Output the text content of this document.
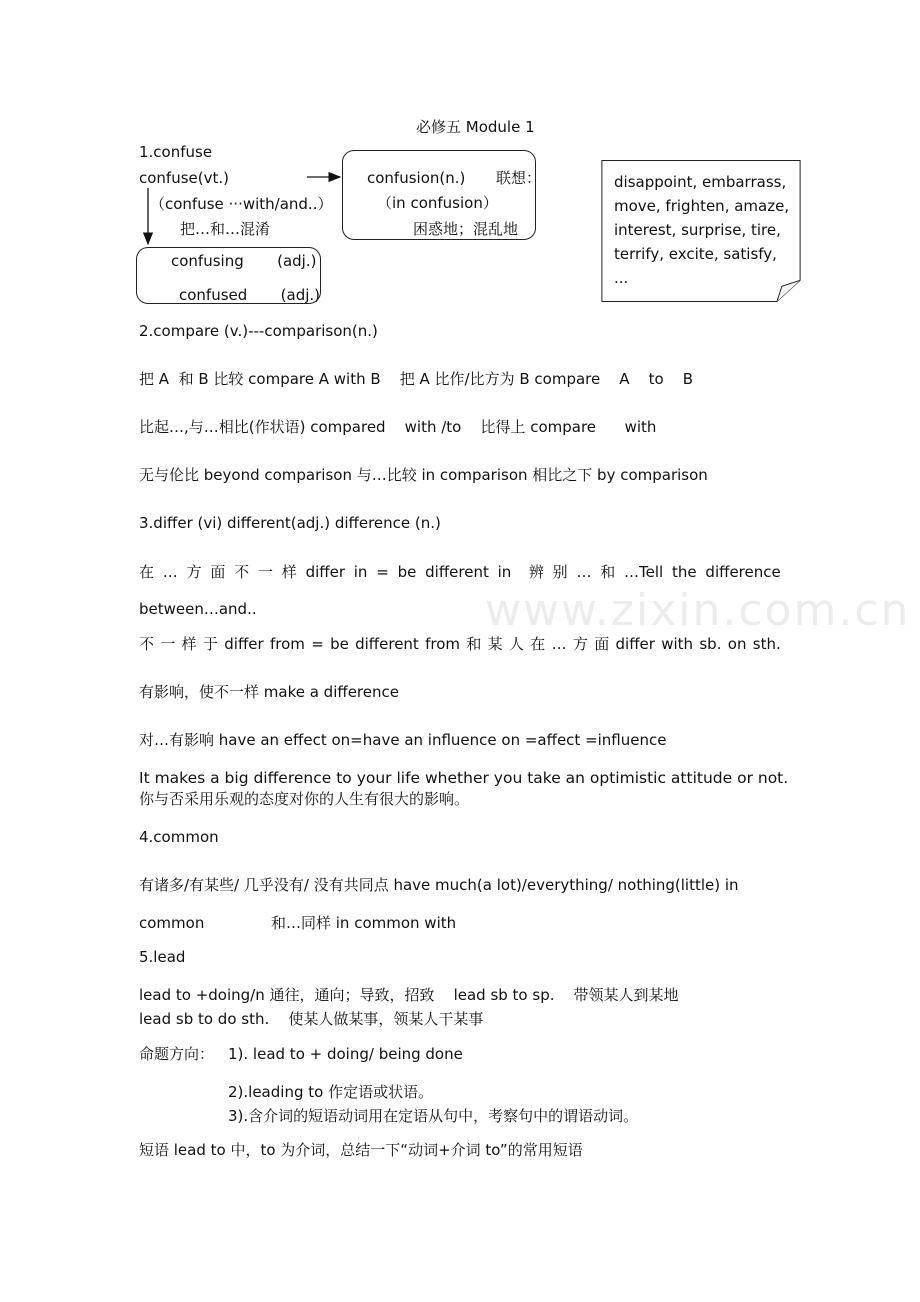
www.zixin.com.cn
必修五 Module 1
1.confuse
confuse(vt.)
（confuse ···with/and..）
把…和…混淆
confusion(n.) 联想：
（in confusion）
困惑地；混乱地
confusing       (adj.)
confused       (adj.)
disappoint, embarrass, move, frighten, amaze, interest, surprise, tire, terrify, excite, satisfy, ...
2.compare (v.)---comparison(n.)
把 A  和 B 比较 compare A with B    把 A 比作/比方为 B compare    A    to    B
比起…,与…相比(作状语) compared    with /to    比得上 compare      with
无与伦比 beyond comparison 与…比较 in comparison 相比之下 by comparison
3.differ (vi) different(adj.) difference (n.)
在 … 方 面 不 一 样 differ in = be different in 辨 别 … 和 …Tell the difference
between…and..
不 一 样 于 differ from = be different from 和 某 人 在 … 方 面 differ with sb. on sth.
有影响，使不一样 make a difference
对…有影响 have an effect on=have an influence on =affect =influence
It makes a big difference to your life whether you take an optimistic attitude or not.
你与否采用乐观的态度对你的人生有很大的影响。
4.common
有诸多/有某些/ 几乎没有/ 没有共同点 have much(a lot)/everything/ nothing(little) in
common	和…同样 in common with
5.lead
lead to +doing/n 通往，通向；导致，招致    lead sb to sp.    带领某人到某地
lead sb to do sth.    使某人做某事，领某人干某事
命题方向： 1). lead to + doing/ being done
2).leading to 作定语或状语。
3).含介词的短语动词用在定语从句中，考察句中的谓语动词。
短语 lead to 中，to 为介词，总结一下“动词+介词 to”的常用短语
